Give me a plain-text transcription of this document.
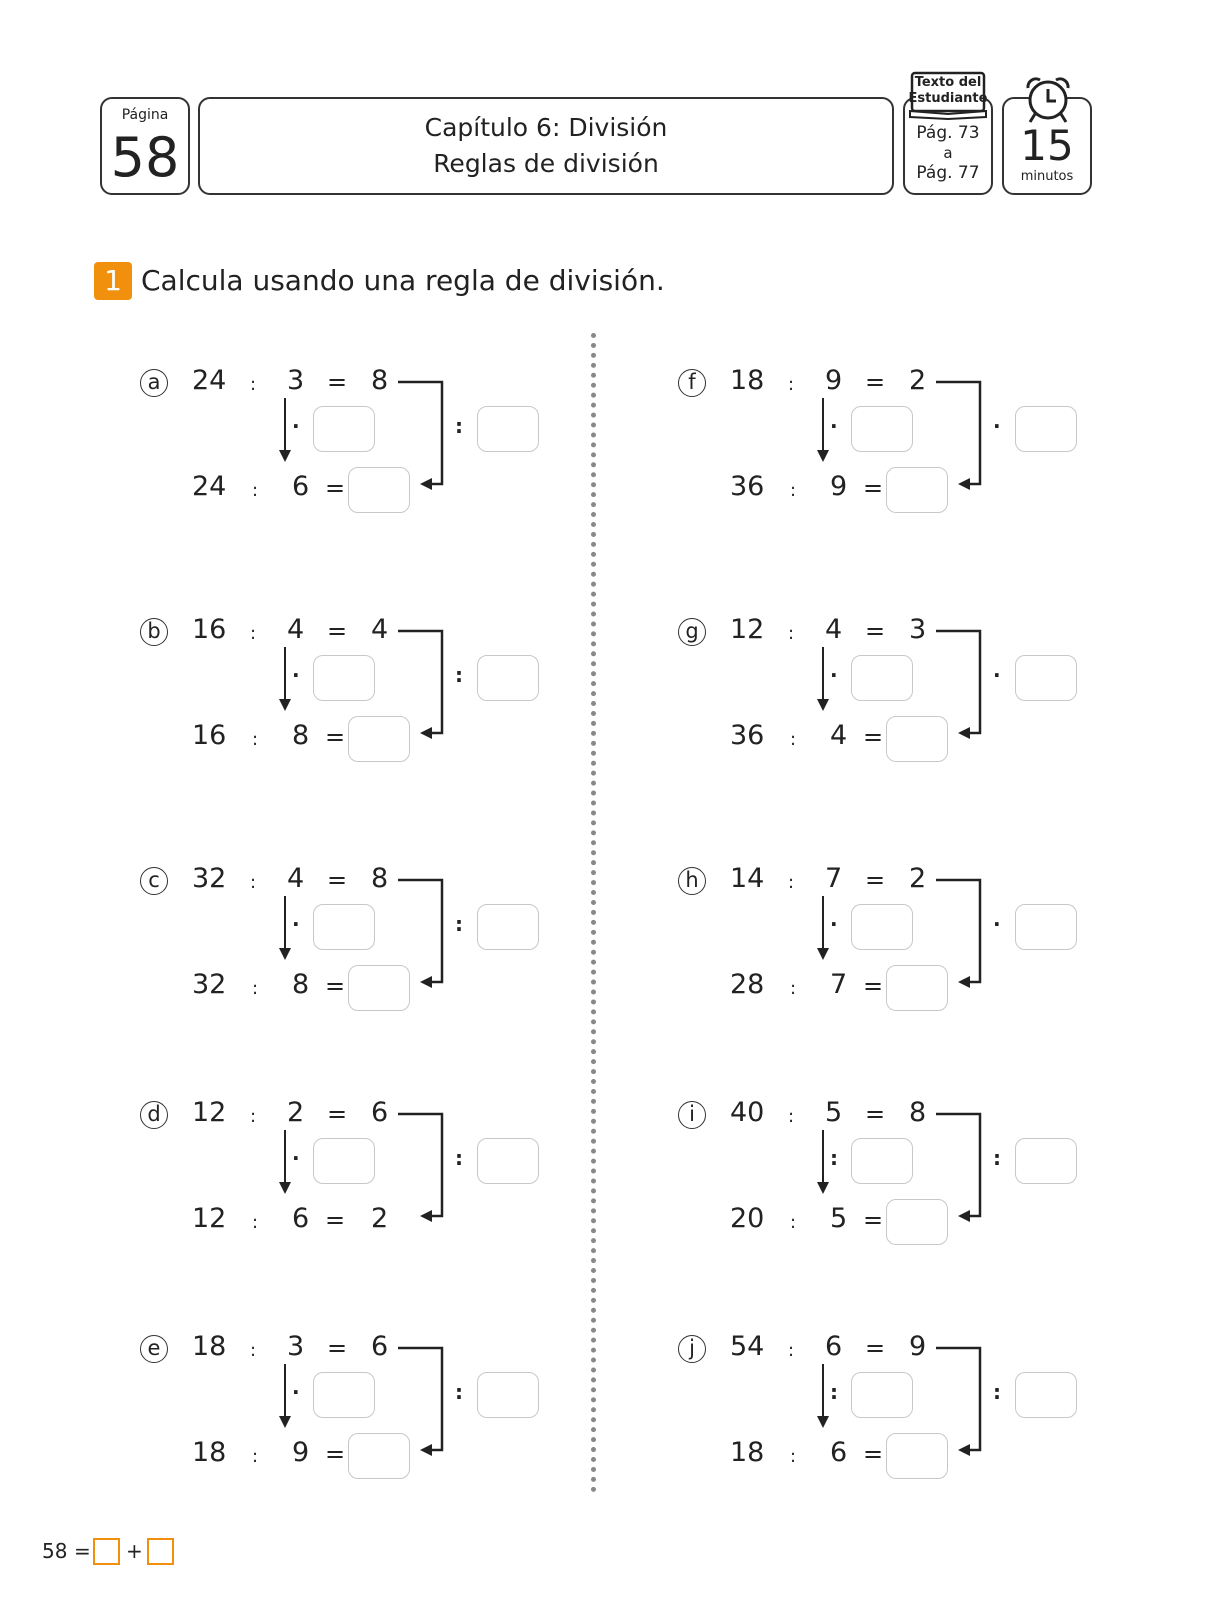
Página
58	Capítulo 6: División
Reglas de división
Pág. 73
a
Pág. 77
Texto del
Estudiante
15
minutos
1 Calcula usando una regla de división.
a 24 : 3 = 8
24 : 6 =
·	:
b 16 : 4 = 4
16 : 8 =
·	:
c	32 : 4 = 8
32 : 8 =
·	:
d 12 : 2 = 6
12 : 6 = 2
·	:
e 18 : 3 = 6
18 : 9 =
·	:
f	18 : 9 = 2
36 : 9 =
·	·
g 12 : 4 = 3
36 : 4 =
·	·
h 14 : 7 = 2
28 : 7 =
·	·
i	40 : 5 = 8
20 : 5 =
:	:
j	54 : 6 = 9
18 : 6 =
:	:
58 = +
